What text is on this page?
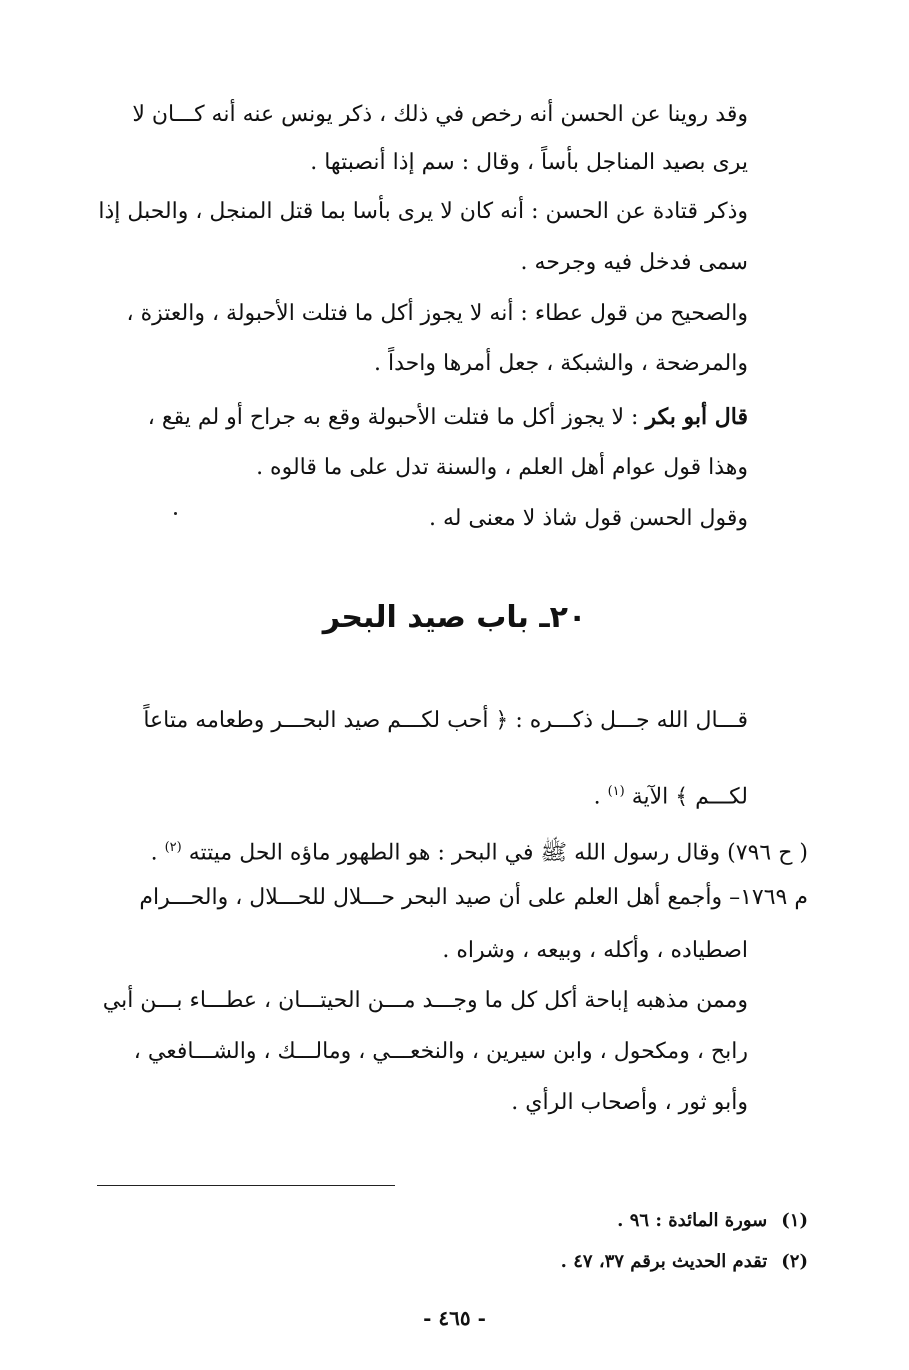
وقد روينا عن الحسن أنه رخص في ذلك ، ذكر يونس عنه أنه كـــان لا
يرى بصيد المناجل بأساً ، وقال : سم إذا أنصبتها .
وذكر قتادة عن الحسن : أنه كان لا يرى بأسا بما قتل المنجل ، والحبل إذا
سمى فدخل فيه وجرحه .
والصحيح من قول عطاء : أنه لا يجوز أكل ما فتلت الأحبولة ، والعتزة ،
والمرضحة ، والشبكة ، جعل أمرها واحداً .
قال أبو بكر : لا يجوز أكل ما فتلت الأحبولة وقع به جراح أو لم يقع ،
وهذا قول عوام أهل العلم ، والسنة تدل على ما قالوه .
وقول الحسن قول شاذ لا معنى له .
٢٠ـ باب صيد البحر
قـــال الله جـــل ذكـــره : ﴿ أحب لكـــم صيد البحـــر وطعامه متاعاً
لكـــم ﴾ الآية $^{(١)}$ .
( ح ٧٩٦) وقال رسول الله ﷺ في البحر : هو الطهور ماؤه الحل ميتته $^{(٢)}$ .
م ١٧٦٩– وأجمع أهل العلم على أن صيد البحر حـــلال للحـــلال ، والحـــرام
اصطياده ، وأكله ، وبيعه ، وشراه .
وممن مذهبه إباحة أكل كل ما وجـــد مـــن الحيتـــان ، عطـــاء بـــن أبي
رابح ، ومكحول ، وابن سيرين ، والنخعـــي ، ومالـــك ، والشـــافعي ،
وأبو ثور ، وأصحاب الرأي .
(١)سورة المائدة : ٩٦ .
(٢)تقدم الحديث برقم ٣٧، ٤٧ .
- ٤٦٥ -
